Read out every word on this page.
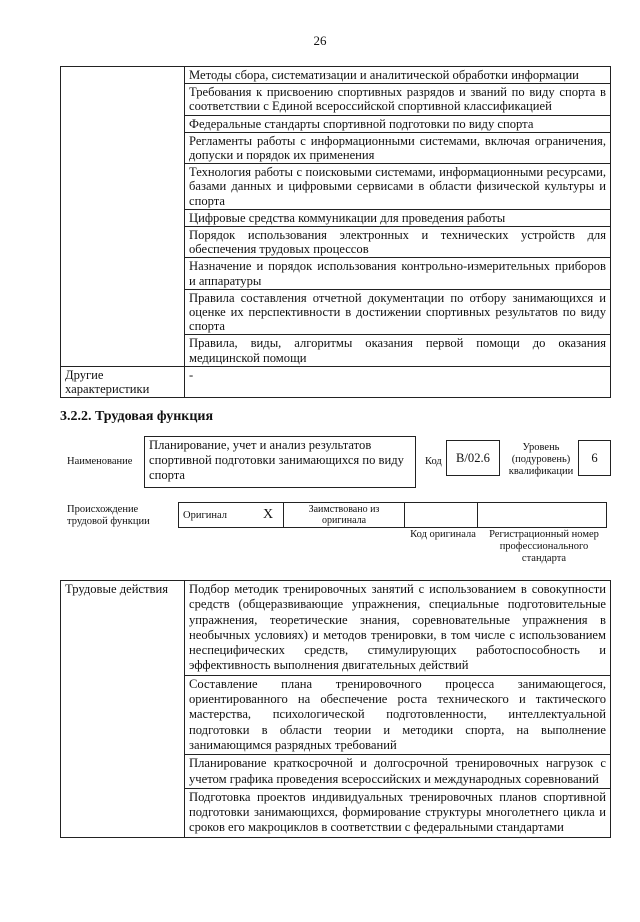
26
	Методы сбора, систематизации и аналитической обработки информации
	Требования к присвоению спортивных разрядов и званий по виду спорта в соответствии с Единой всероссийской спортивной классификацией
	Федеральные стандарты спортивной подготовки по виду спорта
	Регламенты работы с информационными системами, включая ограничения, допуски и порядок их применения
	Технология работы с поисковыми системами, информационными ресурсами, базами данных и цифровыми сервисами в области физической культуры и спорта
	Цифровые средства коммуникации для проведения работы
	Порядок использования электронных и технических устройств для обеспечения трудовых процессов
	Назначение и порядок использования контрольно-измерительных приборов и аппаратуры
	Правила составления отчетной документации по отбору занимающихся и оценке их перспективности в достижении спортивных результатов по виду спорта
	Правила, виды, алгоритмы оказания первой помощи до оказания медицинской помощи
Другие характеристики	-
3.2.2. Трудовая функция
Наименование
Планирование, учет и анализ результатов спортивной подготовки занимающихся по виду спорта
Код	В/02.6
Уровень (подуровень) квалификации
6
Происхождение трудовой функции
Оригинал	X	Заимствовано из оригинала		
Код оригинала	Регистрационный номер профессионального стандарта
Трудовые действия	Подбор методик тренировочных занятий с использованием в совокупности средств (общеразвивающие упражнения, специальные подготовительные упражнения, теоретические знания, соревновательные упражнения в необычных условиях) и методов тренировки, в том числе с использованием неспецифических средств, стимулирующих работоспособность и эффективность выполнения двигательных действий
Составление плана тренировочного процесса занимающегося, ориентированного на обеспечение роста технического и тактического мастерства, психологической подготовленности, интеллектуальной подготовки в области теории и методики спорта, на выполнение занимающимся разрядных требований
Планирование краткосрочной и долгосрочной тренировочных нагрузок с учетом графика проведения всероссийских и международных соревнований
Подготовка проектов индивидуальных тренировочных планов спортивной подготовки занимающихся, формирование структуры многолетнего цикла и сроков его макроциклов в соответствии с федеральными стандартами
